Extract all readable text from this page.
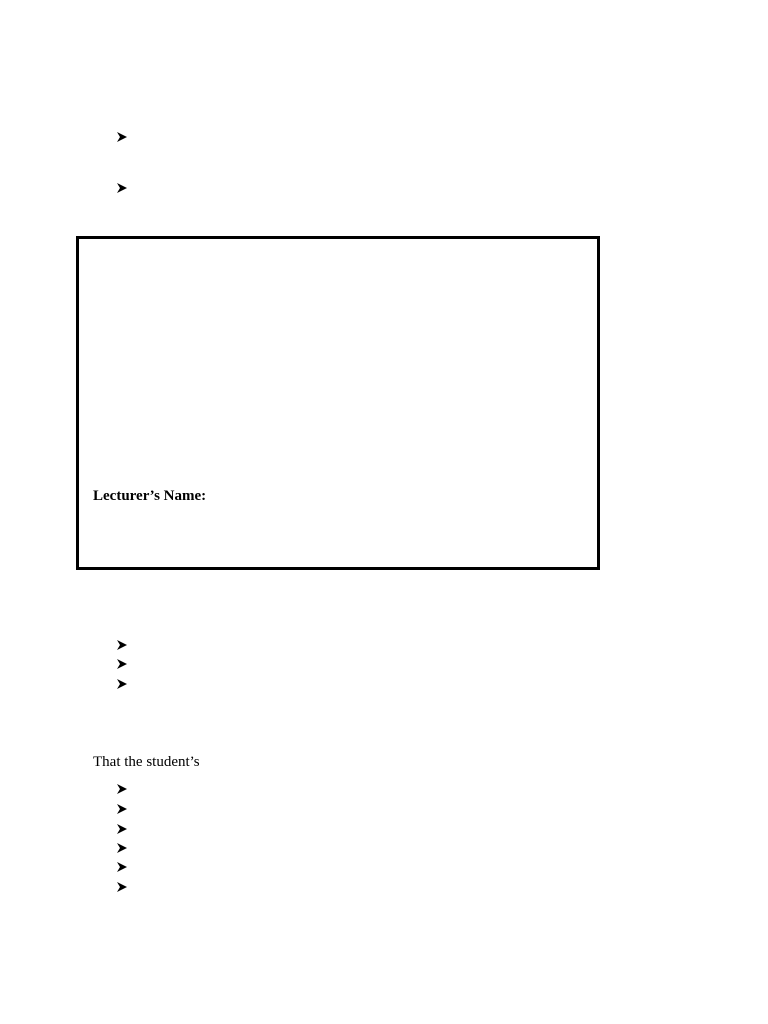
Lecturer’s Name:
That the student’s
